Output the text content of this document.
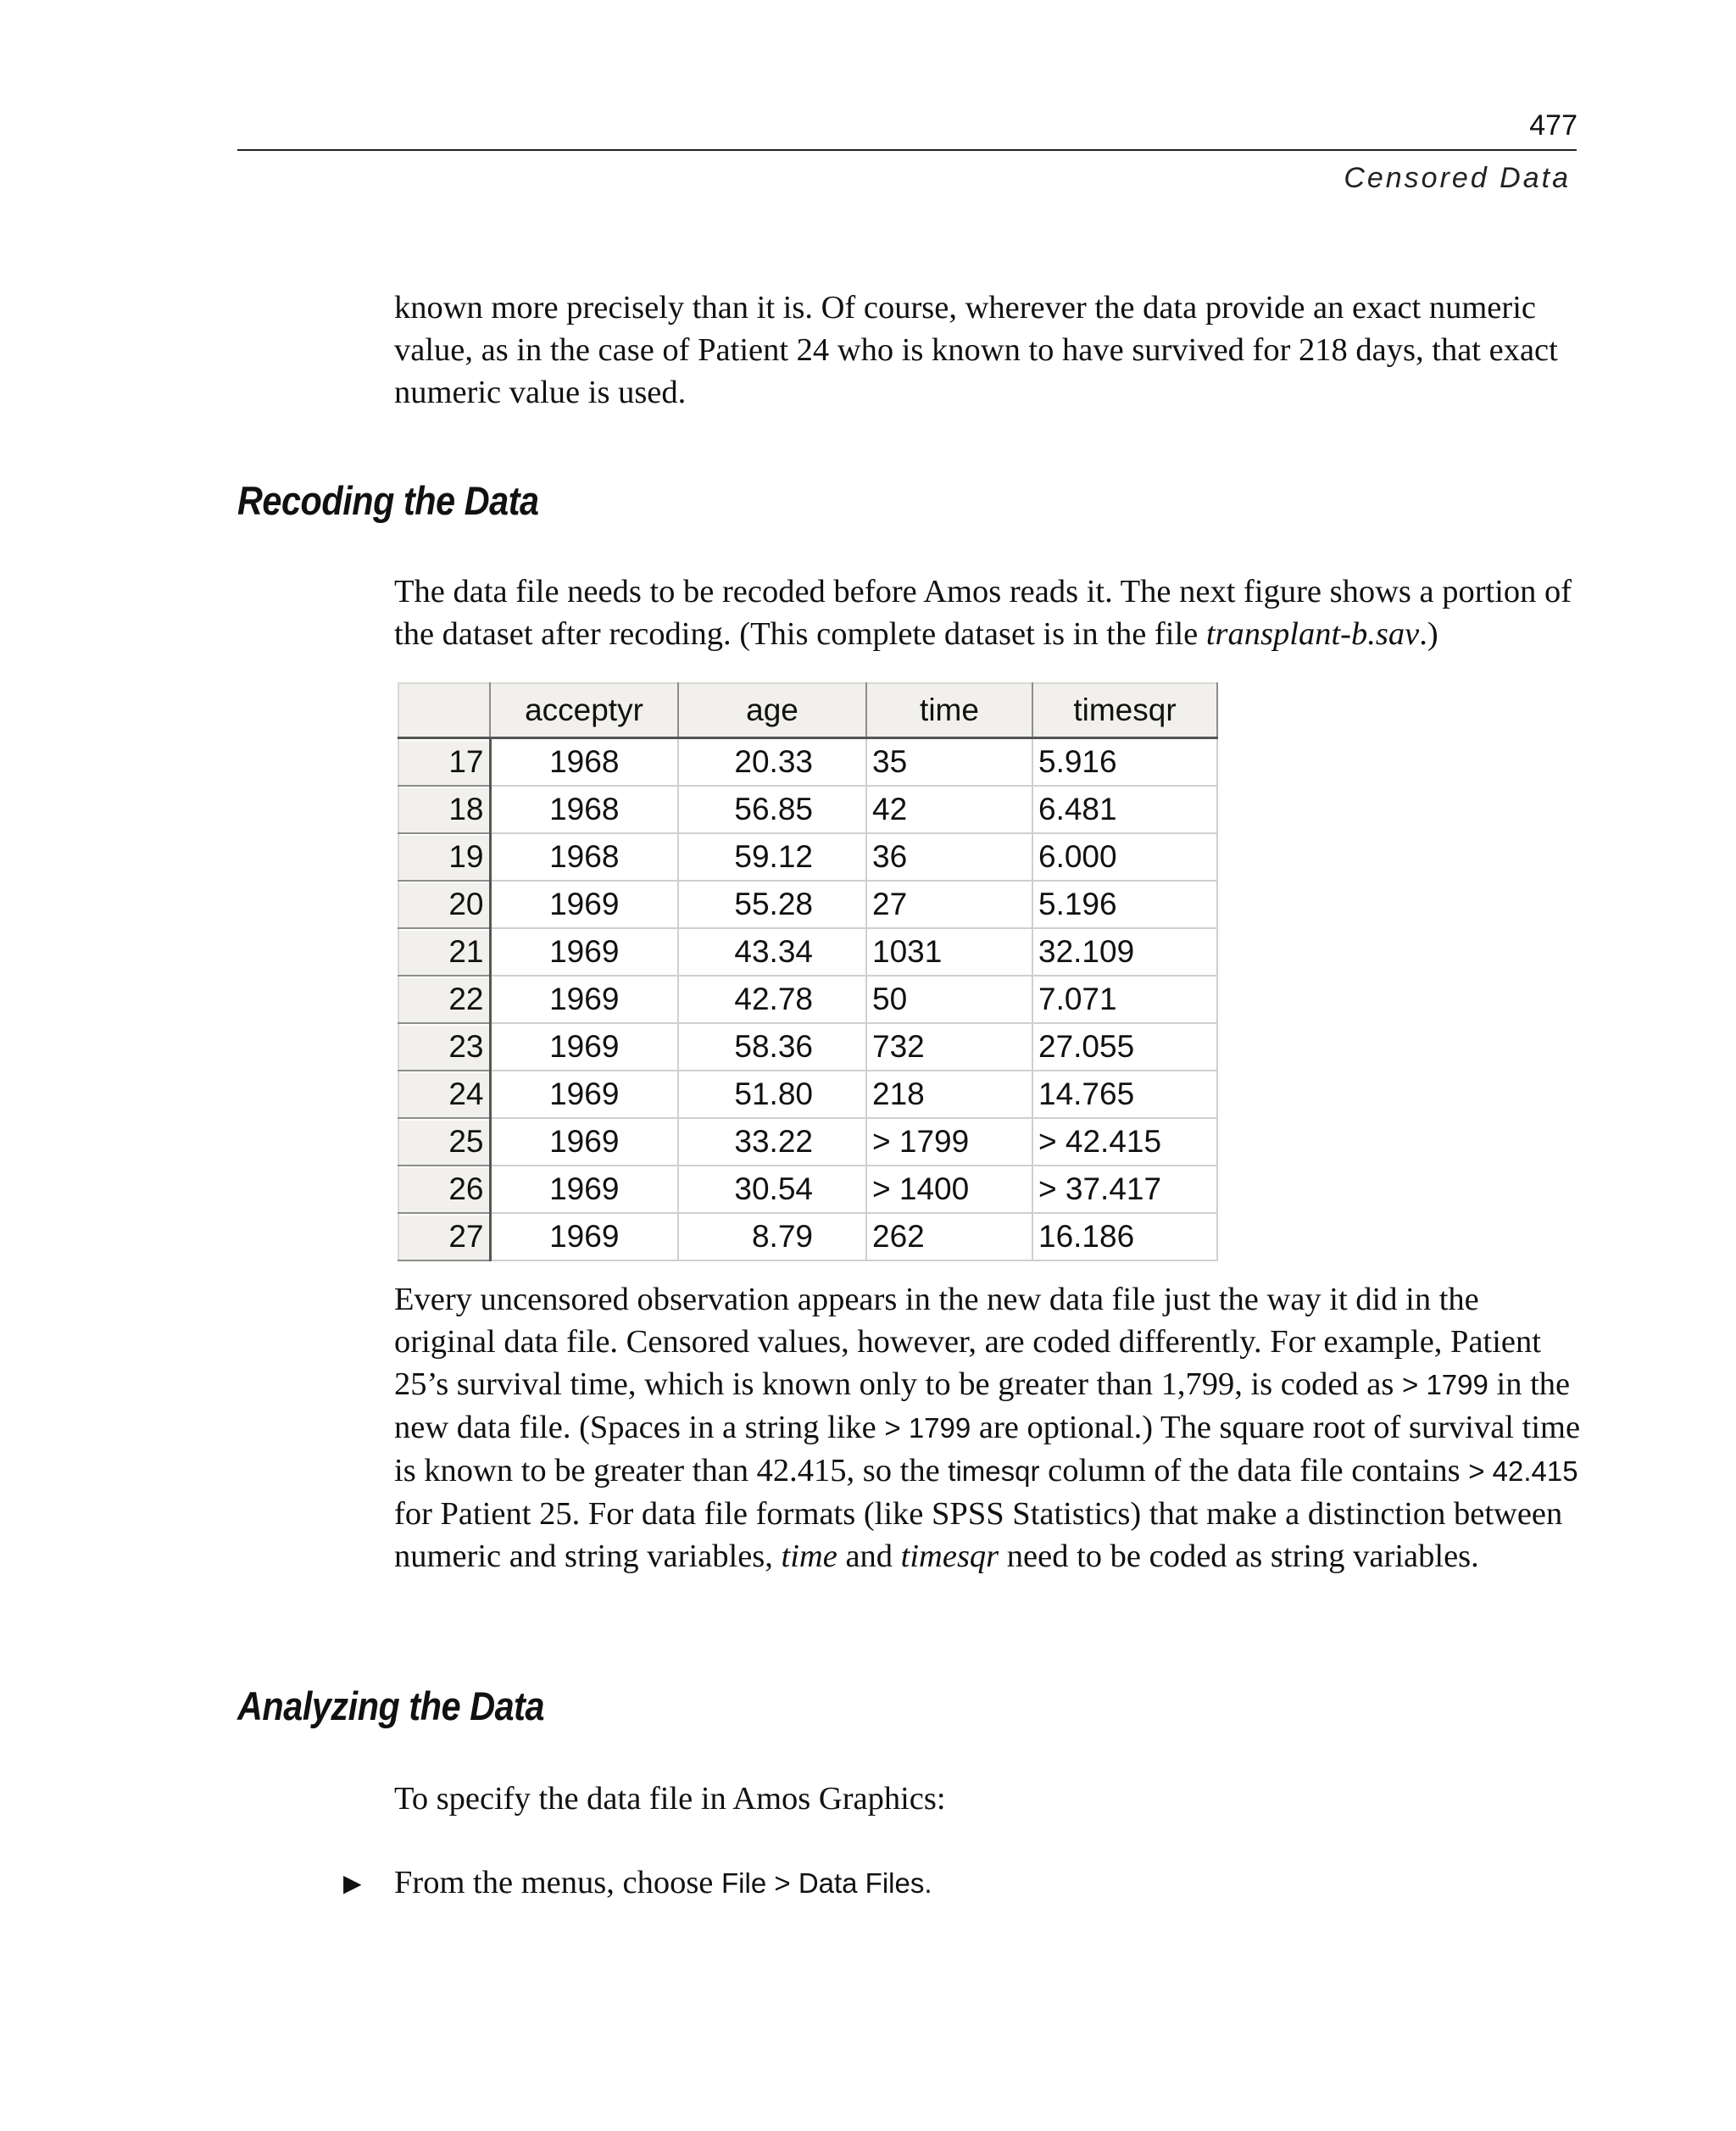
477
Censored Data

known more precisely than it is. Of course, wherever the data provide an exact numeric value, as in the case of Patient 24 who is known to have survived for 218 days, that exact numeric value is used.

Recoding the Data

The data file needs to be recoded before Amos reads it. The next figure shows a portion of the dataset after recoding. (This complete dataset is in the file transplant-b.sav.)

	acceptyr	age	time	timesqr
17	1968	20.33	35	5.916
18	1968	56.85	42	6.481
19	1968	59.12	36	6.000
20	1969	55.28	27	5.196
21	1969	43.34	1031	32.109
22	1969	42.78	50	7.071
23	1969	58.36	732	27.055
24	1969	51.80	218	14.765
25	1969	33.22	> 1799	> 42.415
26	1969	30.54	> 1400	> 37.417
27	1969	8.79	262	16.186

Every uncensored observation appears in the new data file just the way it did in the original data file. Censored values, however, are coded differently. For example, Patient 25’s survival time, which is known only to be greater than 1,799, is coded as > 1799 in the new data file. (Spaces in a string like > 1799 are optional.) The square root of survival time is known to be greater than 42.415, so the timesqr column of the data file contains > 42.415 for Patient 25. For data file formats (like SPSS Statistics) that make a distinction between numeric and string variables, time and timesqr need to be coded as string variables.

Analyzing the Data

To specify the data file in Amos Graphics:

▶ From the menus, choose File > Data Files.
